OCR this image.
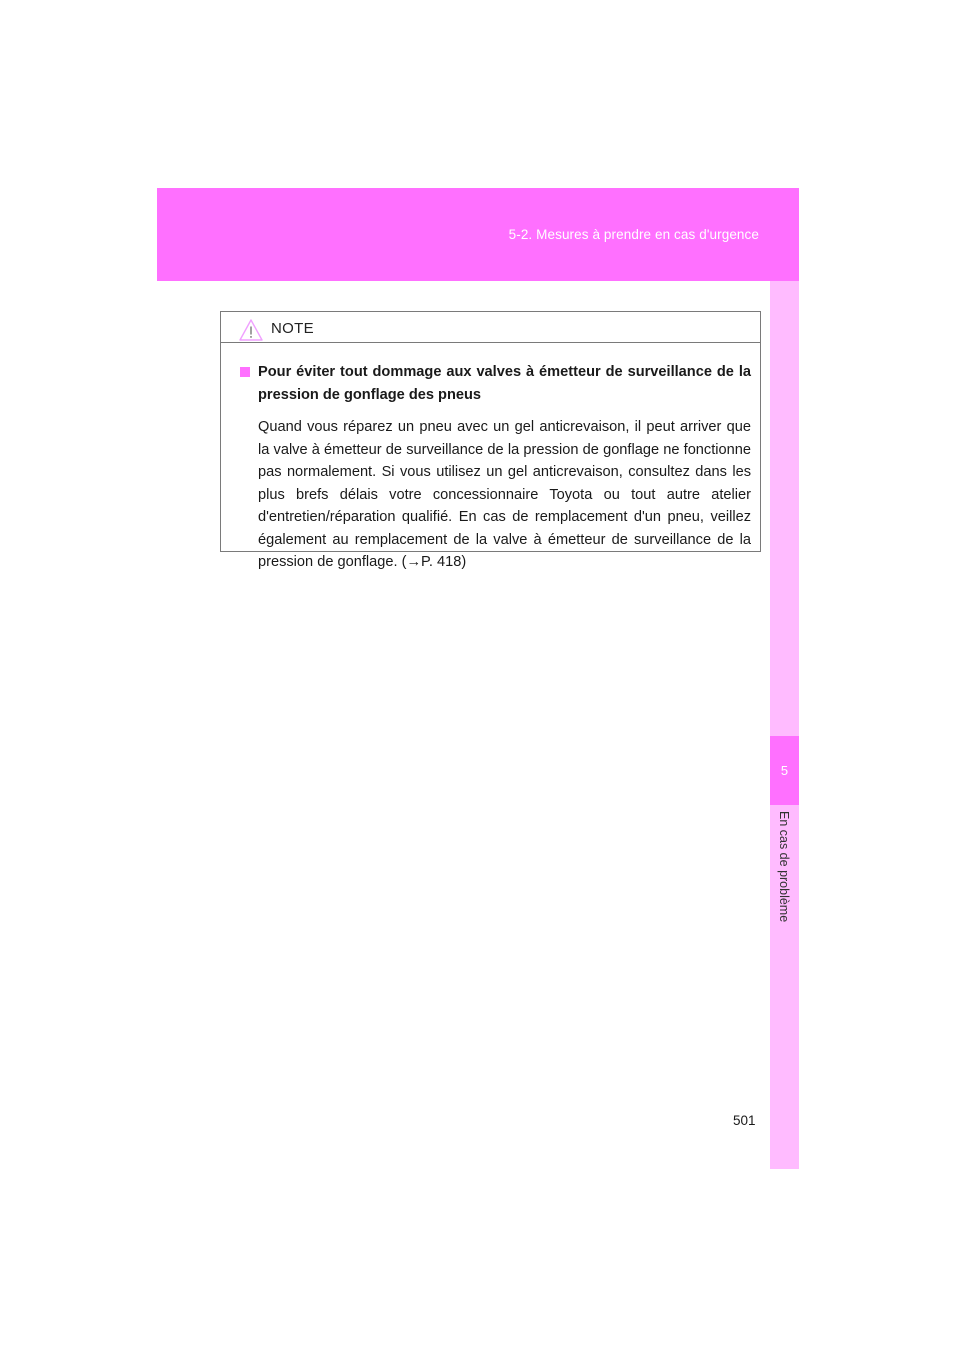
5-2. Mesures à prendre en cas d'urgence
5
En cas de problème
NOTE
Pour éviter tout dommage aux valves à émetteur de surveillance de la pression de gonflage des pneus

Quand vous réparez un pneu avec un gel anticrevaison, il peut arriver que la valve à émetteur de surveillance de la pression de gonflage ne fonctionne pas normalement. Si vous utilisez un gel anticrevaison, consultez dans les plus brefs délais votre concessionnaire Toyota ou tout autre atelier d'entretien/réparation qualifié. En cas de remplacement d'un pneu, veillez également au remplacement de la valve à émetteur de surveillance de la pression de gonflage. (→P. 418)

501
